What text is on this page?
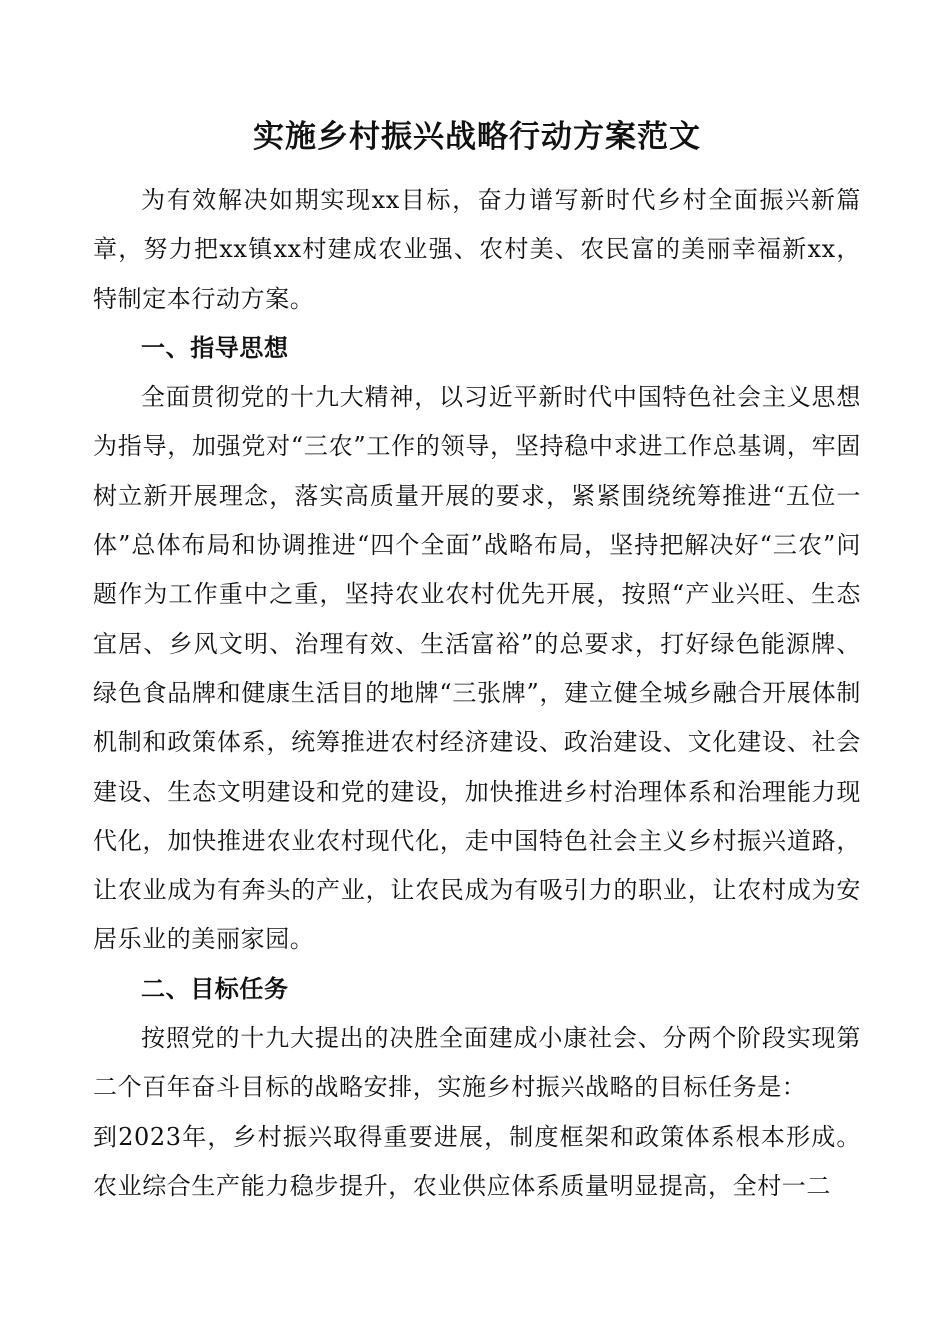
实施乡村振兴战略行动方案范文

为有效解决如期实现xx目标，奋力谱写新时代乡村全面振兴新篇章，努力把xx镇xx村建成农业强、农村美、农民富的美丽幸福新xx，特制定本行动方案。

一、指导思想

全面贯彻党的十九大精神，以习近平新时代中国特色社会主义思想为指导，加强党对“三农”工作的领导，坚持稳中求进工作总基调，牢固树立新开展理念，落实高质量开展的要求，紧紧围绕统筹推进“五位一体”总体布局和协调推进“四个全面”战略布局，坚持把解决好“三农”问题作为工作重中之重，坚持农业农村优先开展，按照“产业兴旺、生态宜居、乡风文明、治理有效、生活富裕”的总要求，打好绿色能源牌、绿色食品牌和健康生活目的地牌“三张牌”，建立健全城乡融合开展体制机制和政策体系，统筹推进农村经济建设、政治建设、文化建设、社会建设、生态文明建设和党的建设，加快推进乡村治理体系和治理能力现代化，加快推进农业农村现代化，走中国特色社会主义乡村振兴道路，让农业成为有奔头的产业，让农民成为有吸引力的职业，让农村成为安居乐业的美丽家园。

二、目标任务

按照党的十九大提出的决胜全面建成小康社会、分两个阶段实现第二个百年奋斗目标的战略安排，实施乡村振兴战略的目标任务是：

到2023年，乡村振兴取得重要进展，制度框架和政策体系根本形成。农业综合生产能力稳步提升，农业供应体系质量明显提高，全村一二
